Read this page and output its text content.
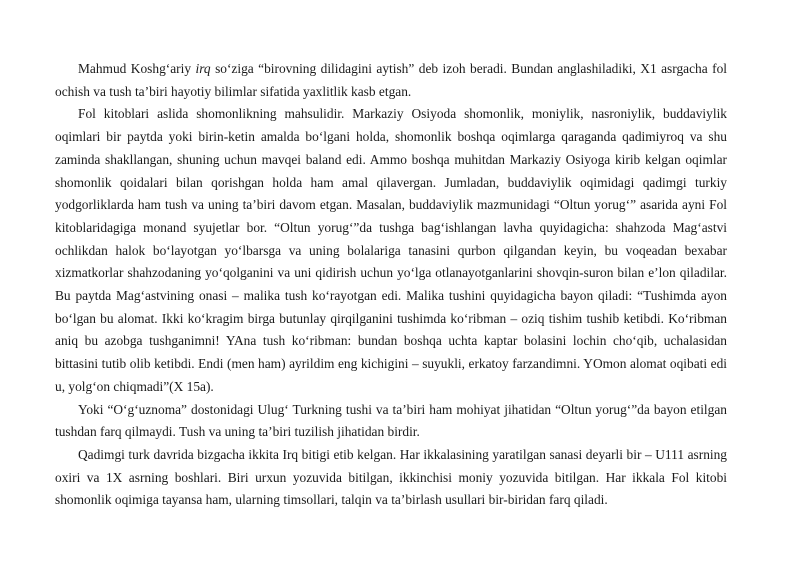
Mahmud Koshg‘ariy irq so‘ziga “birovning dilidagini aytish” deb izoh beradi. Bundan anglashiladiki, X1 asrgacha fol ochish va tush ta’biri hayotiy bilimlar sifatida yaxlitlik kasb etgan.

Fol kitoblari aslida shomonlikning mahsulidir. Markaziy Osiyoda shomonlik, moniylik, nasroniylik, buddaviylik oqimlari bir paytda yoki birin-ketin amalda bo‘lgani holda, shomonlik boshqa oqimlarga qaraganda qadimiyroq va shu zaminda shakllangan, shuning uchun mavqei baland edi. Ammo boshqa muhitdan Markaziy Osiyoga kirib kelgan oqimlar shomonlik qoidalari bilan qorishgan holda ham amal qilavergan. Jumladan, buddaviylik oqimidagi qadimgi turkiy yodgorliklarda ham tush va uning ta’biri davom etgan. Masalan, buddaviylik mazmunidagi “Oltun yorug‘” asarida ayni Fol kitoblaridagiga monand syujetlar bor. “Oltun yorug‘”da tushga bag‘ishlangan lavha quyidagicha: shahzoda Mag‘astvi ochlikdan halok bo‘layotgan yo‘lbarsga va uning bolalariga tanasini qurbon qilgandan keyin, bu voqeadan bexabar xizmatkorlar shahzodaning yo‘qolganini va uni qidirish uchun yo‘lga otlanayotganlarini shovqin-suron bilan e’lon qiladilar. Bu paytda Mag‘astvining onasi – malika tush ko‘rayotgan edi. Malika tushini quyidagicha bayon qiladi: “Tushimda ayon bo‘lgan bu alomat. Ikki ko‘kragim birga butunlay qirqilganini tushimda ko‘ribman – oziq tishim tushib ketibdi. Ko‘ribman aniq bu azobga tushganimni! YAna tush ko‘ribman: bundan boshqa uchta kaptar bolasini lochin cho‘qib, uchalasidan bittasini tutib olib ketibdi. Endi (men ham) ayrildim eng kichigini – suyukli, erkatoy farzandimni. YOmon alomat oqibati edi u, yolg‘on chiqmadi”(X 15a).

Yoki “O‘g‘uznoma” dostonidagi Ulug‘ Turkning tushi va ta’biri ham mohiyat jihatidan “Oltun yorug‘”da bayon etilgan tushdan farq qilmaydi. Tush va uning ta’biri tuzilish jihatidan birdir.

Qadimgi turk davrida bizgacha ikkita Irq bitigi etib kelgan. Har ikkalasining yaratilgan sanasi deyarli bir – U111 asrning oxiri va 1X asrning boshlari. Biri urxun yozuvida bitilgan, ikkinchisi moniy yozuvida bitilgan. Har ikkala Fol kitobi shomonlik oqimiga tayansa ham, ularning timsollari, talqin va ta’birlash usullari bir-biridan farq qiladi.
